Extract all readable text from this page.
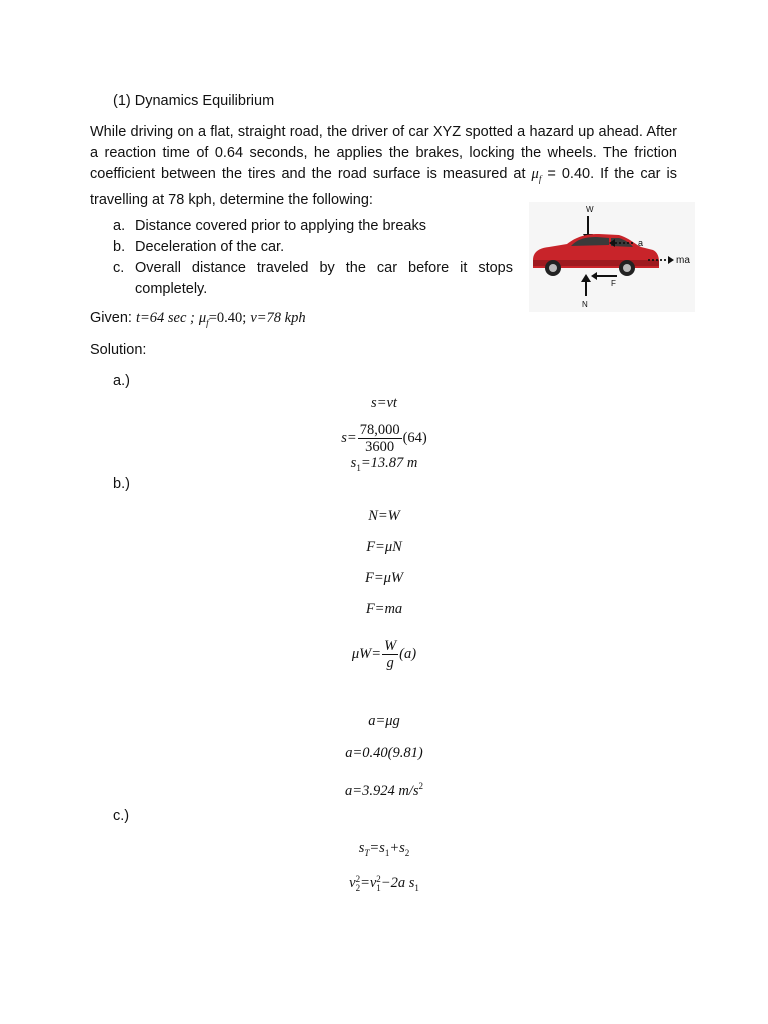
(1) Dynamics Equilibrium
While driving on a flat, straight road, the driver of car XYZ spotted a hazard up ahead. After a reaction time of 0.64 seconds, he applies the brakes, locking the wheels. The friction coefficient between the tires and the road surface is measured at $\mu_f = 0.40$. If the car is travelling at 78 kph, determine the following:
a. Distance covered prior to applying the breaks
b. Deceleration of the car.
c. Overall distance traveled by the car before it stops completely.
W
a
ma
F
N
Given: t=64 sec ; $\mu_f=0.40$; v=78 kph
Solution:
a.)
s=vt
$s= \frac{78,000}{3600} (64)$
$s_1=13.87$ m
b.)
N=W
F=μN
F=μW
F=ma
$\mu W= \frac{W}{g} (a)$
a=μg
a=0.40(9.81)
a=3.924 $m/s^2$
c.)
$s_T=s_1+s_2$
v 2
2 =v 2
1 −2a $s_1$
